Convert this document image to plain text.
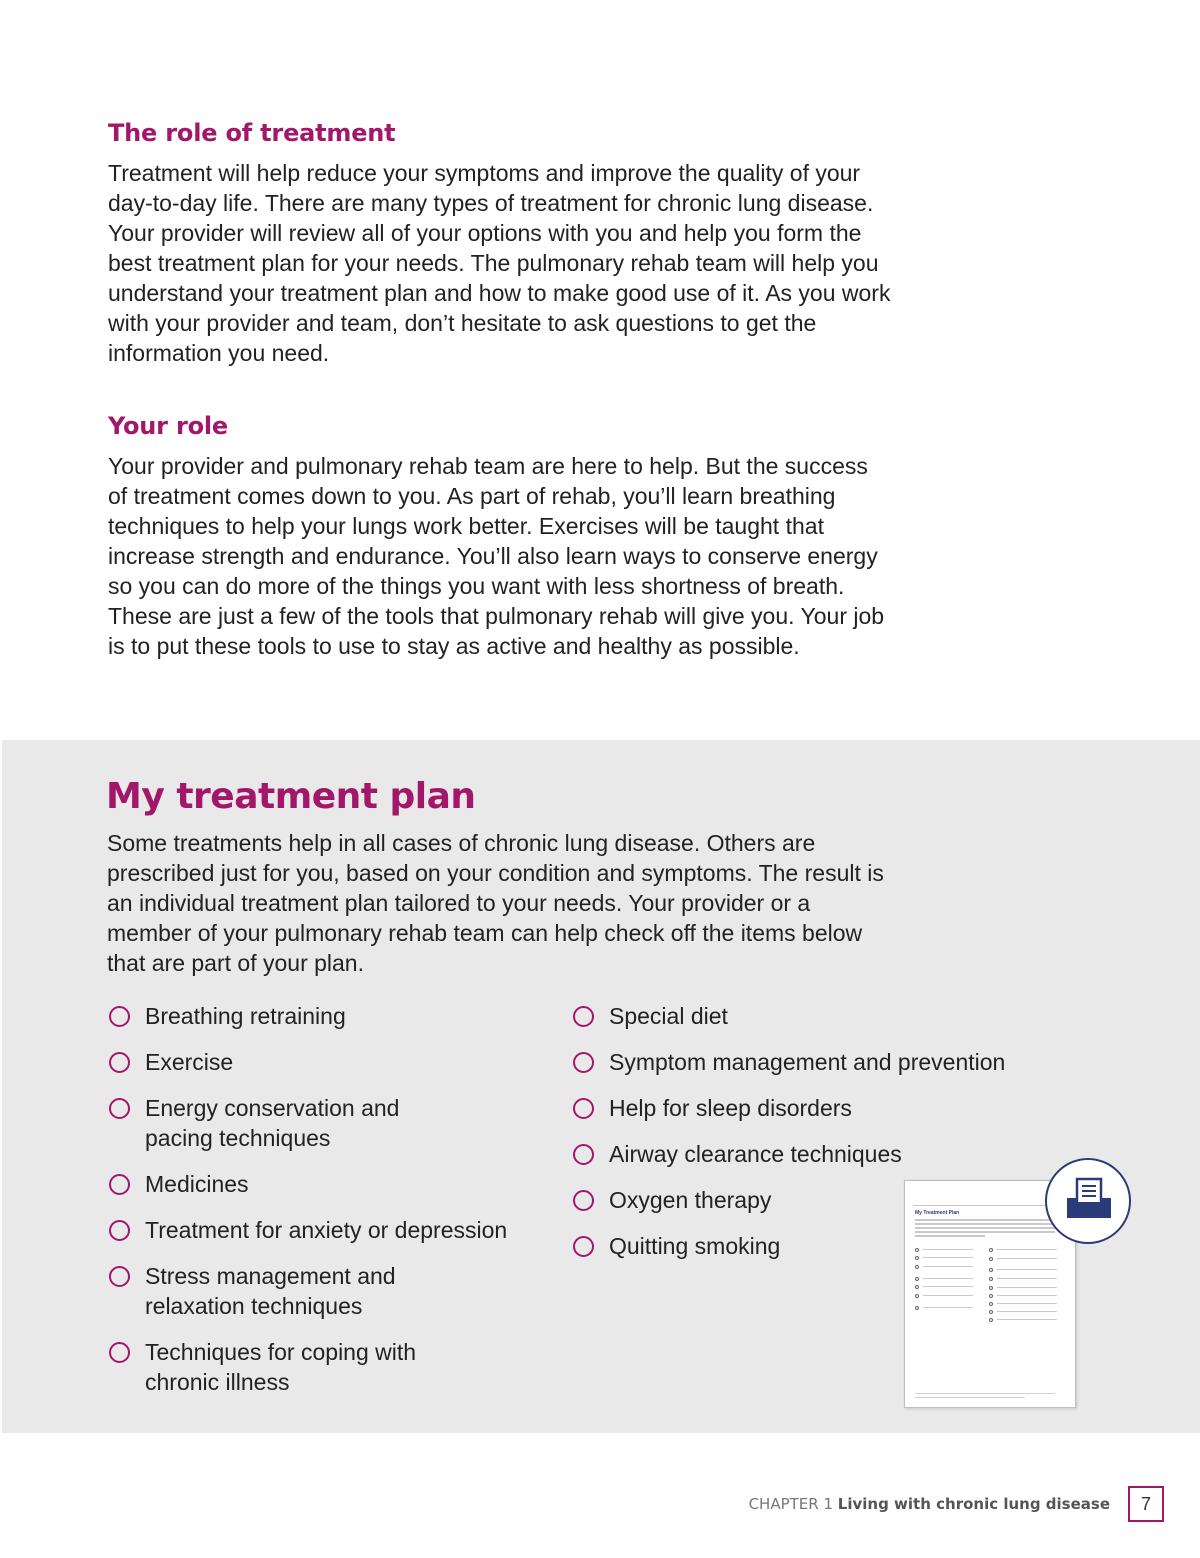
The role of treatment

Treatment will help reduce your symptoms and improve the quality of your day-to-day life. There are many types of treatment for chronic lung disease. Your provider will review all of your options with you and help you form the best treatment plan for your needs. The pulmonary rehab team will help you understand your treatment plan and how to make good use of it. As you work with your provider and team, don’t hesitate to ask questions to get the information you need.

Your role

Your provider and pulmonary rehab team are here to help. But the success of treatment comes down to you. As part of rehab, you’ll learn breathing techniques to help your lungs work better. Exercises will be taught that increase strength and endurance. You’ll also learn ways to conserve energy so you can do more of the things you want with less shortness of breath. These are just a few of the tools that pulmonary rehab will give you. Your job is to put these tools to use to stay as active and healthy as possible.

My treatment plan

Some treatments help in all cases of chronic lung disease. Others are prescribed just for you, based on your condition and symptoms. The result is an individual treatment plan tailored to your needs. Your provider or a member of your pulmonary rehab team can help check off the items below that are part of your plan.

Breathing retraining
Exercise
Energy conservation and pacing techniques
Medicines
Treatment for anxiety or depression
Stress management and relaxation techniques
Techniques for coping with chronic illness
Special diet
Symptom management and prevention
Help for sleep disorders
Airway clearance techniques
Oxygen therapy
Quitting smoking
My Treatment Plan
CHAPTER 1 Living with chronic lung disease	7
